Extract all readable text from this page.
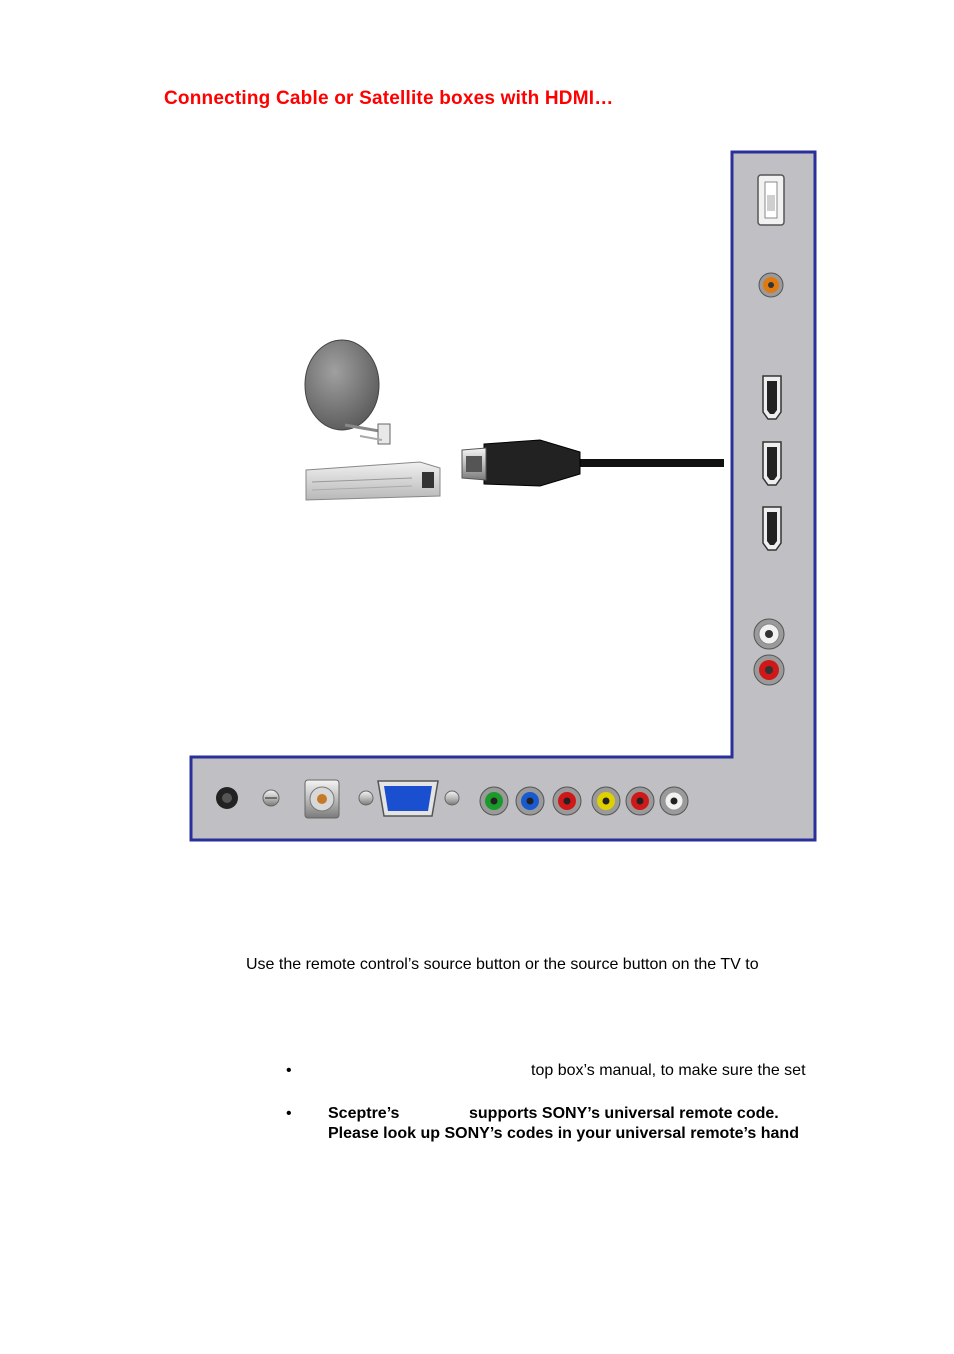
Connecting Cable or Satellite boxes with HDMI…
Use the remote control’s source button or the source button on the TV to
•	top box’s manual, to make sure the set
• Sceptre’s	supports SONY’s universal remote code.
Please look up SONY’s codes in your universal remote’s hand
